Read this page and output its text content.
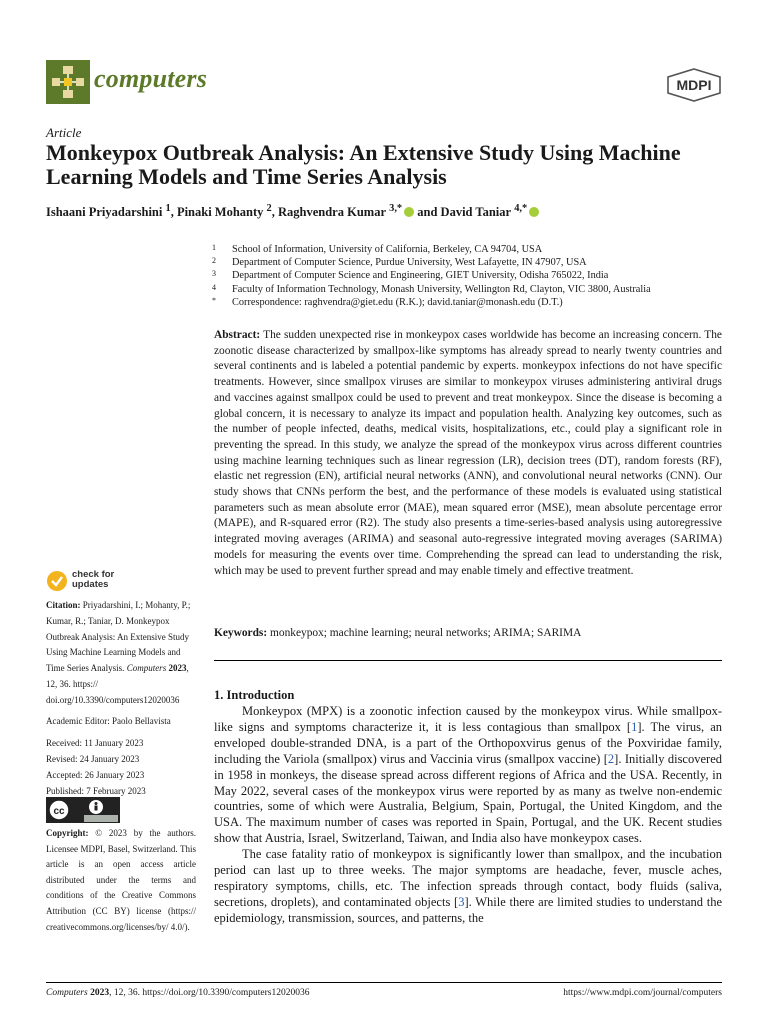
computers	MDPI
Article
Monkeypox Outbreak Analysis: An Extensive Study Using Machine Learning Models and Time Series Analysis
Ishaani Priyadarshini $^1$, Pinaki Mohanty $^2$, Raghvendra Kumar $^{3,*}$ and David Taniar $^{4,*}$
1 School of Information, University of California, Berkeley, CA 94704, USA
2 Department of Computer Science, Purdue University, West Lafayette, IN 47907, USA
3 Department of Computer Science and Engineering, GIET University, Odisha 765022, India
4 Faculty of Information Technology, Monash University, Wellington Rd, Clayton, VIC 3800, Australia
* Correspondence: raghvendra@giet.edu (R.K.); david.taniar@monash.edu (D.T.)
Abstract: The sudden unexpected rise in monkeypox cases worldwide has become an increasing concern. The zoonotic disease characterized by smallpox-like symptoms has already spread to nearly twenty countries and several continents and is labeled a potential pandemic by experts. monkeypox infections do not have specific treatments. However, since smallpox viruses are similar to monkeypox viruses administering antiviral drugs and vaccines against smallpox could be used to prevent and treat monkeypox. Since the disease is becoming a global concern, it is necessary to analyze its impact and population health. Analyzing key outcomes, such as the number of people infected, deaths, medical visits, hospitalizations, etc., could play a significant role in preventing the spread. In this study, we analyze the spread of the monkeypox virus across different countries using machine learning techniques such as linear regression (LR), decision trees (DT), random forests (RF), elastic net regression (EN), artificial neural networks (ANN), and convolutional neural networks (CNN). Our study shows that CNNs perform the best, and the performance of these models is evaluated using statistical parameters such as mean absolute error (MAE), mean squared error (MSE), mean absolute percentage error (MAPE), and R-squared error (R2). The study also presents a time-series-based analysis using autoregressive integrated moving averages (ARIMA) and seasonal auto-regressive integrated moving averages (SARIMA) models for measuring the events over time. Comprehending the spread can lead to understanding the risk, which may be used to prevent further spread and may enable timely and effective treatment.
Keywords: monkeypox; machine learning; neural networks; ARIMA; SARIMA
1. Introduction

Monkeypox (MPX) is a zoonotic infection caused by the monkeypox virus. While smallpox-like signs and symptoms characterize it, it is less contagious than smallpox [1]. The virus, an enveloped double-stranded DNA, is a part of the Orthopoxvirus genus of the Poxviridae family, including the Variola (smallpox) virus and Vaccinia virus (smallpox vaccine) [2]. Initially discovered in 1958 in monkeys, the disease spread across different regions of Africa and the USA. Recently, in May 2022, several cases of the monkeypox virus were reported by as many as twelve non-endemic countries, some of which were Australia, Belgium, Spain, Portugal, the United Kingdom, and the USA. The maximum number of cases was reported in Spain, Portugal, and the UK. Recent studies show that Austria, Israel, Switzerland, Taiwan, and India also have monkeypox cases.

The case fatality ratio of monkeypox is significantly lower than smallpox, and the incubation period can last up to three weeks. The major symptoms are headache, fever, muscle aches, respiratory symptoms, chills, etc. The infection spreads through contact, body fluids (saliva, secretions, droplets), and contaminated objects [3]. While there are limited studies to understand the epidemiology, transmission, sources, and patterns, the

check for
updates
Citation: Priyadarshini, I.; Mohanty, P.; Kumar, R.; Taniar, D. Monkeypox Outbreak Analysis: An Extensive Study Using Machine Learning Models and Time Series Analysis. Computers 2023, 12, 36. https:// doi.org/10.3390/computers12020036
Academic Editor: Paolo Bellavista
Received: 11 January 2023
Revised: 24 January 2023
Accepted: 26 January 2023
Published: 7 February 2023
cc
Copyright: © 2023 by the authors. Licensee MDPI, Basel, Switzerland. This article is an open access article distributed under the terms and conditions of the Creative Commons Attribution (CC BY) license (https:// creativecommons.org/licenses/by/ 4.0/).
Computers 2023, 12, 36. https://doi.org/10.3390/computers12020036	https://www.mdpi.com/journal/computers
